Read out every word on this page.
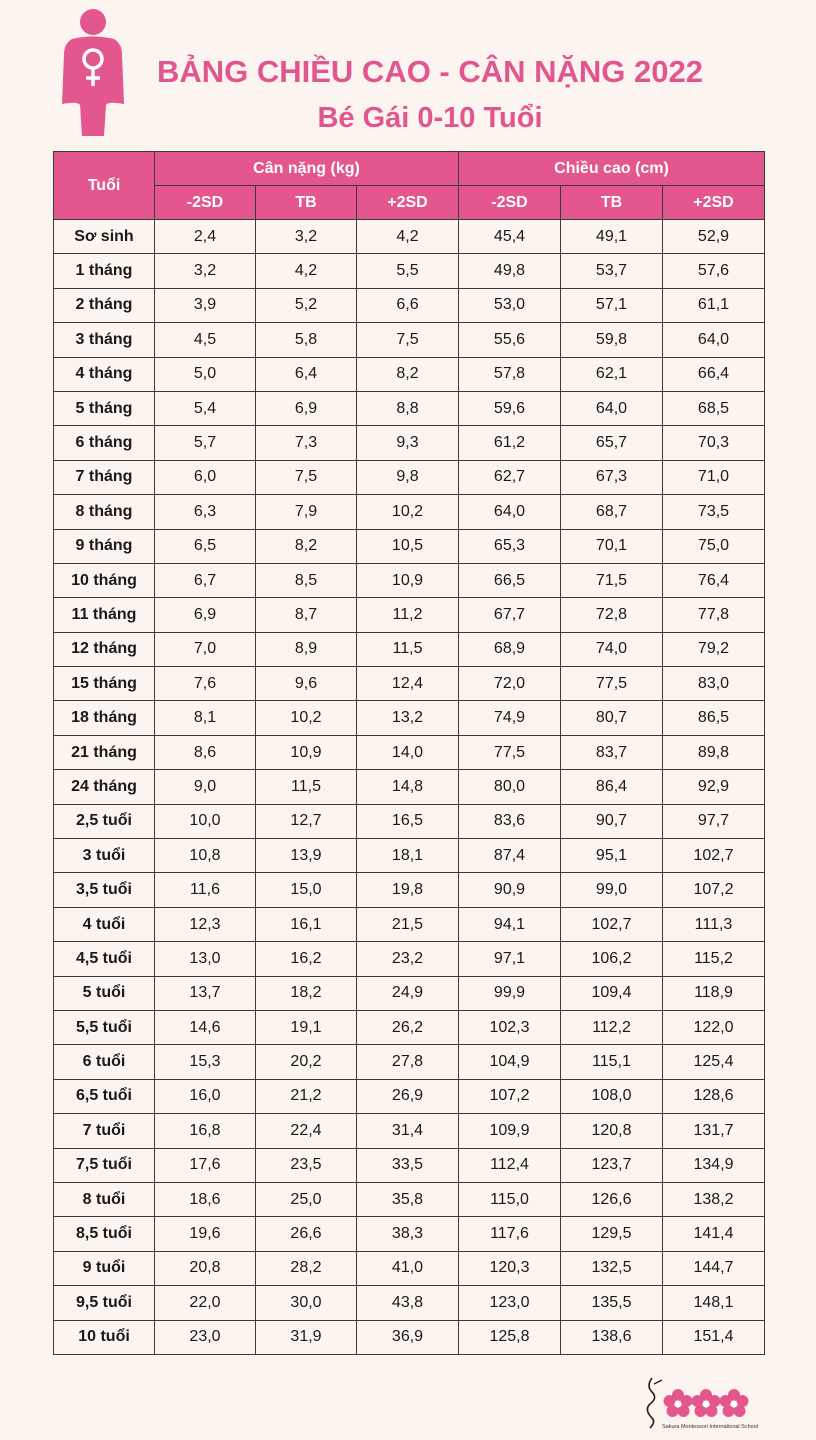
BẢNG CHIỀU CAO - CÂN NẶNG 2022
Bé Gái 0-10 Tuổi
Tuổi	Cân nặng (kg)			Chiều cao (cm)		
	-2SD	TB	+2SD	-2SD	TB	+2SD
Sơ sinh	2,4	3,2	4,2	45,4	49,1	52,9
1 tháng	3,2	4,2	5,5	49,8	53,7	57,6
2 tháng	3,9	5,2	6,6	53,0	57,1	61,1
3 tháng	4,5	5,8	7,5	55,6	59,8	64,0
4 tháng	5,0	6,4	8,2	57,8	62,1	66,4
5 tháng	5,4	6,9	8,8	59,6	64,0	68,5
6 tháng	5,7	7,3	9,3	61,2	65,7	70,3
7 tháng	6,0	7,5	9,8	62,7	67,3	71,0
8 tháng	6,3	7,9	10,2	64,0	68,7	73,5
9 tháng	6,5	8,2	10,5	65,3	70,1	75,0
10 tháng	6,7	8,5	10,9	66,5	71,5	76,4
11 tháng	6,9	8,7	11,2	67,7	72,8	77,8
12 tháng	7,0	8,9	11,5	68,9	74,0	79,2
15 tháng	7,6	9,6	12,4	72,0	77,5	83,0
18 tháng	8,1	10,2	13,2	74,9	80,7	86,5
21 tháng	8,6	10,9	14,0	77,5	83,7	89,8
24 tháng	9,0	11,5	14,8	80,0	86,4	92,9
2,5 tuổi	10,0	12,7	16,5	83,6	90,7	97,7
3 tuổi	10,8	13,9	18,1	87,4	95,1	102,7
3,5 tuổi	11,6	15,0	19,8	90,9	99,0	107,2
4 tuổi	12,3	16,1	21,5	94,1	102,7	111,3
4,5 tuổi	13,0	16,2	23,2	97,1	106,2	115,2
5 tuổi	13,7	18,2	24,9	99,9	109,4	118,9
5,5 tuổi	14,6	19,1	26,2	102,3	112,2	122,0
6 tuổi	15,3	20,2	27,8	104,9	115,1	125,4
6,5 tuổi	16,0	21,2	26,9	107,2	108,0	128,6
7 tuổi	16,8	22,4	31,4	109,9	120,8	131,7
7,5 tuổi	17,6	23,5	33,5	112,4	123,7	134,9
8 tuổi	18,6	25,0	35,8	115,0	126,6	138,2
8,5 tuổi	19,6	26,6	38,3	117,6	129,5	141,4
9 tuổi	20,8	28,2	41,0	120,3	132,5	144,7
9,5 tuổi	22,0	30,0	43,8	123,0	135,5	148,1
10 tuổi	23,0	31,9	36,9	125,8	138,6	151,4
Sakura Montessori International School
